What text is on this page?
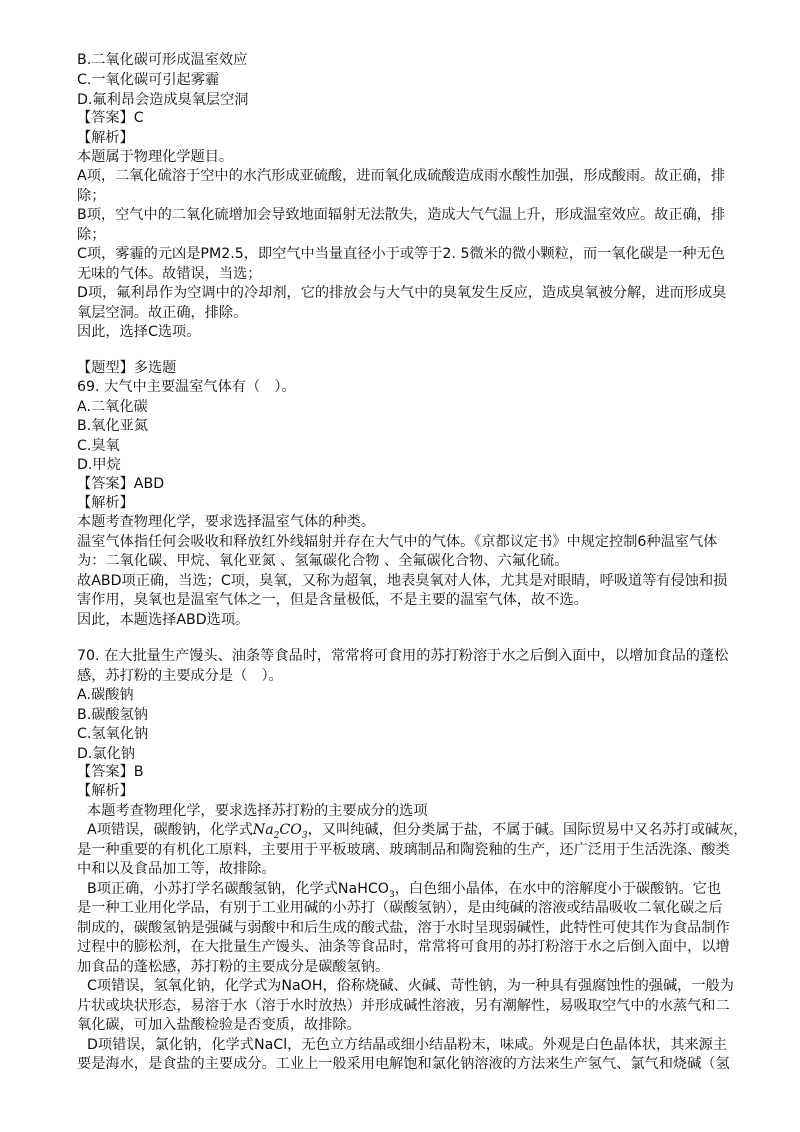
B.二氧化碳可形成温室效应
C.一氧化碳可引起雾霾
D.氟利昂会造成臭氧层空洞
【答案】C
【解析】
本题属于物理化学题目。
A项，二氧化硫溶于空中的水汽形成亚硫酸，进而氧化成硫酸造成雨水酸性加强，形成酸雨。故正确，排
除；
B项，空气中的二氧化硫增加会导致地面辐射无法散失，造成大气气温上升，形成温室效应。故正确，排
除；
C项，雾霾的元凶是PM2.5，即空气中当量直径小于或等于2. 5微米的微小颗粒，而一氧化碳是一种无色
无味的气体。故错误，当选；
D项，氟利昂作为空调中的冷却剂，它的排放会与大气中的臭氧发生反应，造成臭氧被分解，进而形成臭
氧层空洞。故正确，排除。
因此，选择C选项。
【题型】多选题
69. 大气中主要温室气体有（　）。
A.二氧化碳
B.氧化亚氮
C.臭氧
D.甲烷
【答案】ABD
【解析】
本题考查物理化学，要求选择温室气体的种类。
温室气体指任何会吸收和释放红外线辐射并存在大气中的气体。《京都议定书》中规定控制6种温室气体
为：二氧化碳、甲烷、氧化亚氮 、氢氟碳化合物 、全氟碳化合物、六氟化硫。
故ABD项正确，当选；C项，臭氧，又称为超氧，地表臭氧对人体，尤其是对眼睛，呼吸道等有侵蚀和损
害作用，臭氧也是温室气体之一，但是含量极低，不是主要的温室气体，故不选。
因此，本题选择ABD选项。
70. 在大批量生产馒头、油条等食品时，常常将可食用的苏打粉溶于水之后倒入面中，以增加食品的蓬松
感，苏打粉的主要成分是（　）。
A.碳酸钠
B.碳酸氢钠
C.氢氧化钠
D.氯化钠
【答案】B
【解析】
本题考查物理化学，要求选择苏打粉的主要成分的选项
A项错误，碳酸钠，化学式$Na_2CO_3$，又叫纯碱，但分类属于盐，不属于碱。国际贸易中又名苏打或碱灰，
是一种重要的有机化工原料，主要用于平板玻璃、玻璃制品和陶瓷釉的生产，还广泛用于生活洗涤、酸类
中和以及食品加工等，故排除。
B项正确，小苏打学名碳酸氢钠，化学式NaHCO$_3$，白色细小晶体，在水中的溶解度小于碳酸钠。它也
是一种工业用化学品，有别于工业用碱的小苏打（碳酸氢钠），是由纯碱的溶液或结晶吸收二氧化碳之后
制成的，碳酸氢钠是强碱与弱酸中和后生成的酸式盐，溶于水时呈现弱碱性，此特性可使其作为食品制作
过程中的膨松剂，在大批量生产馒头、油条等食品时，常常将可食用的苏打粉溶于水之后倒入面中，以增
加食品的蓬松感，苏打粉的主要成分是碳酸氢钠。
C项错误，氢氧化钠，化学式为NaOH，俗称烧碱、火碱、苛性钠，为一种具有强腐蚀性的强碱，一般为
片状或块状形态，易溶于水（溶于水时放热）并形成碱性溶液，另有潮解性，易吸取空气中的水蒸气和二
氧化碳，可加入盐酸检验是否变质，故排除。
D项错误，氯化钠，化学式NaCl，无色立方结晶或细小结晶粉末，味咸。外观是白色晶体状，其来源主
要是海水，是食盐的主要成分。工业上一般采用电解饱和氯化钠溶液的方法来生产氢气、氯气和烧碱（氢
